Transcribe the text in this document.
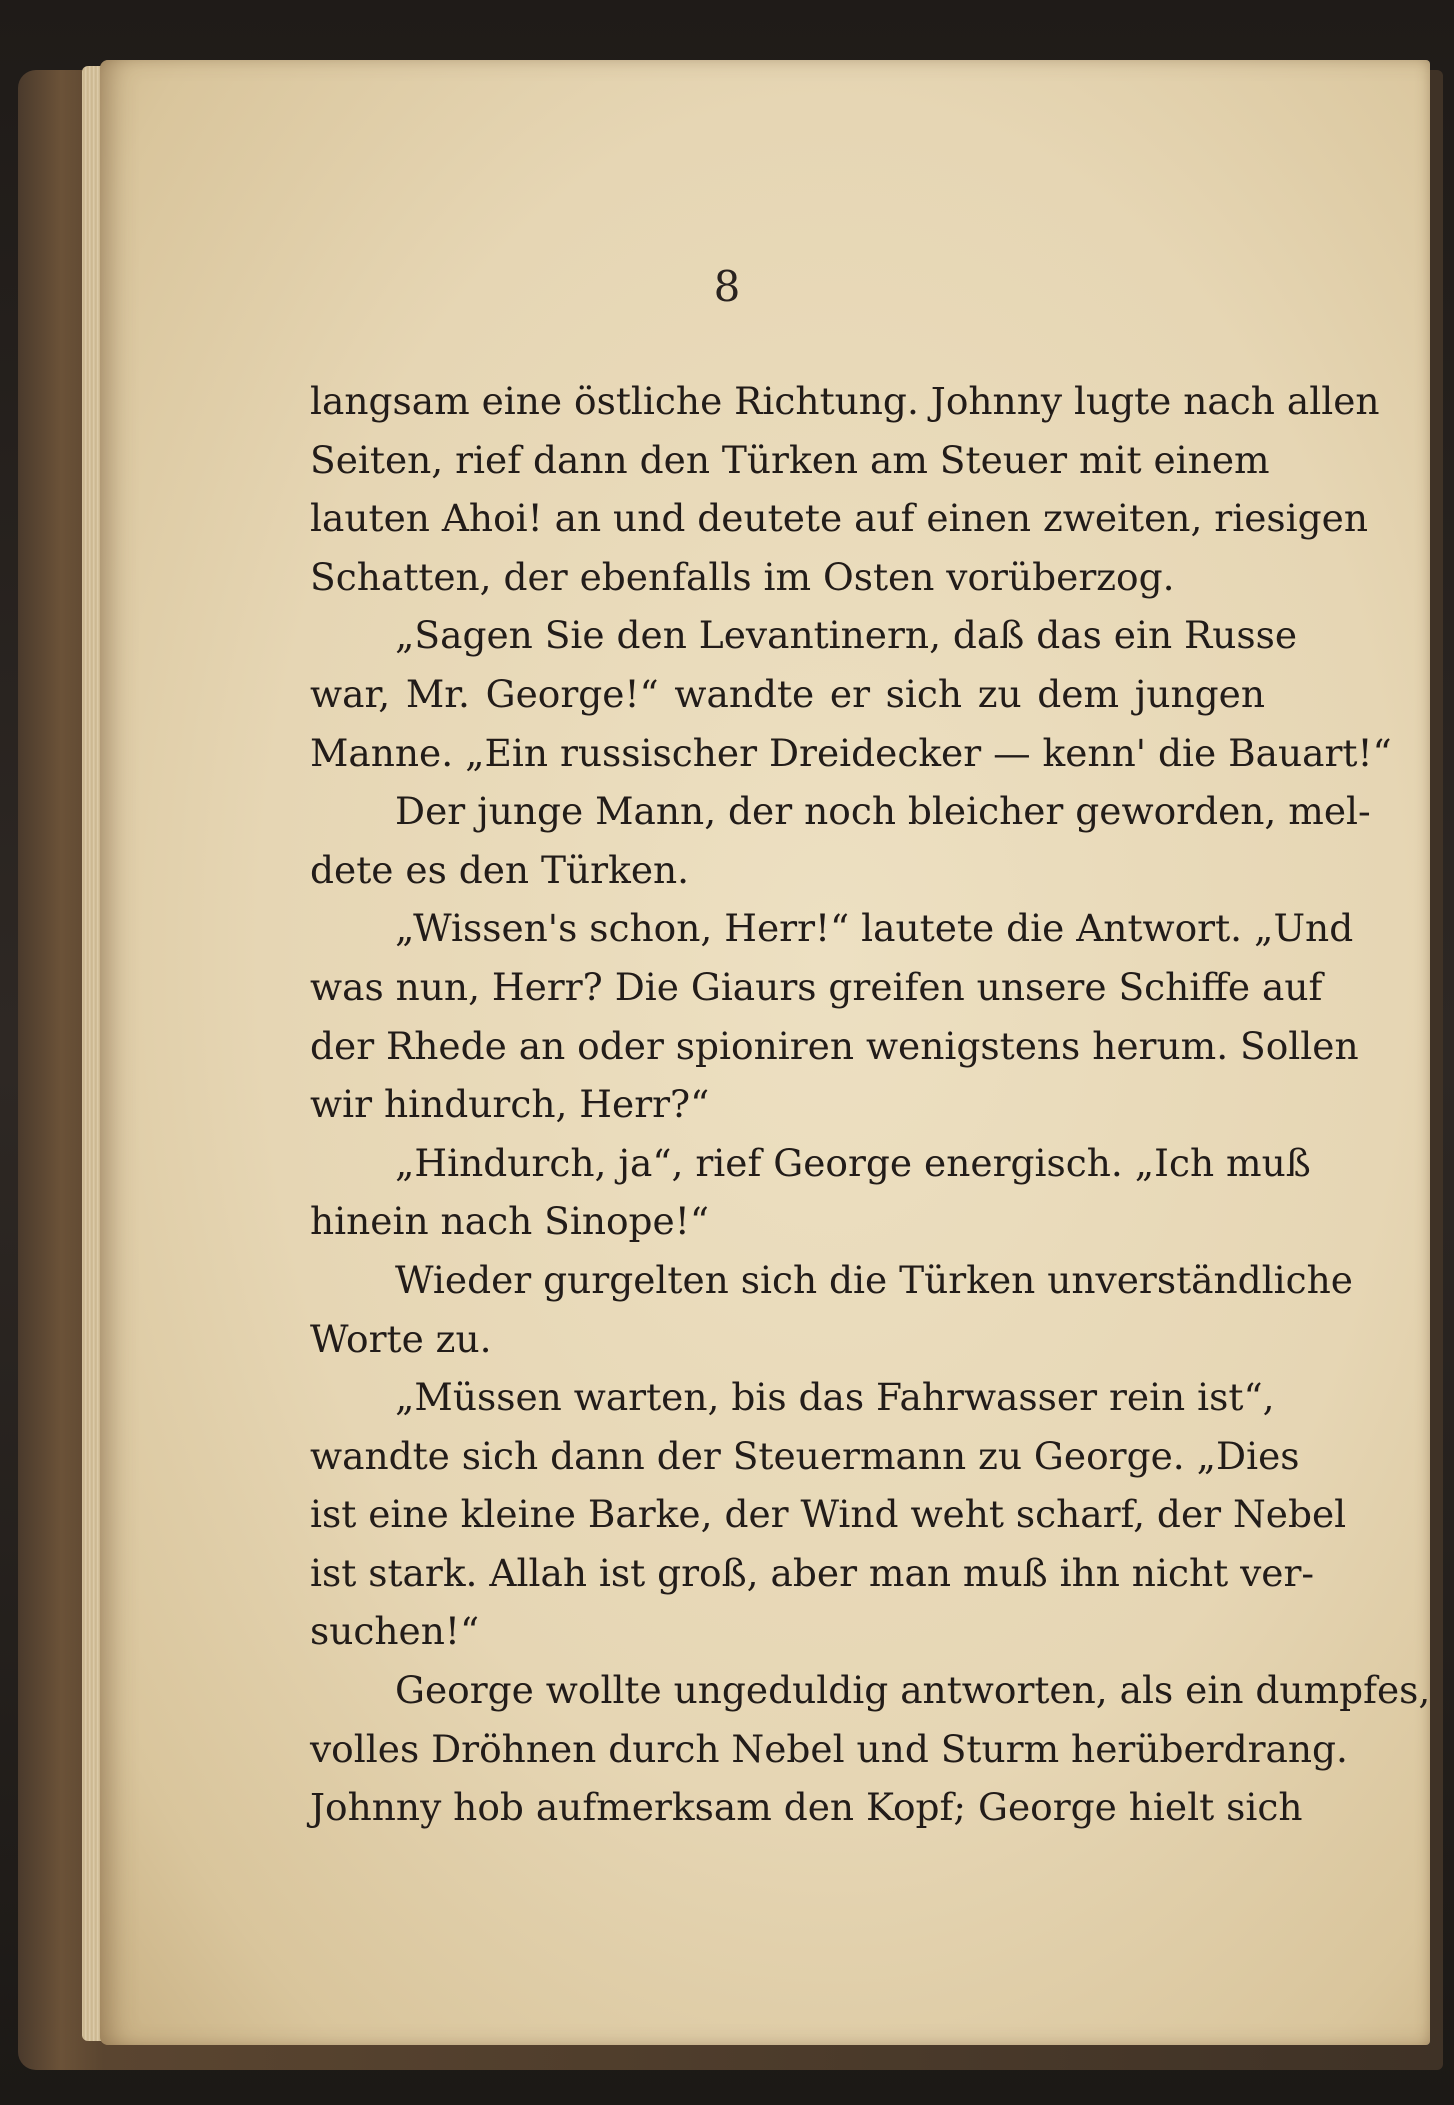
8
langsam eine östliche Richtung. Johnny lugte nach allen
Seiten, rief dann den Türken am Steuer mit einem
lauten Ahoi! an und deutete auf einen zweiten, riesigen
Schatten, der ebenfalls im Osten vorüberzog.
„Sagen Sie den Levantinern, daß das ein Russe
war, Mr. George!“ wandte er sich zu dem jungen
Manne. „Ein russischer Dreidecker — kenn' die Bauart!“
Der junge Mann, der noch bleicher geworden, mel-
dete es den Türken.
„Wissen's schon, Herr!“ lautete die Antwort. „Und
was nun, Herr? Die Giaurs greifen unsere Schiffe auf
der Rhede an oder spioniren wenigstens herum. Sollen
wir hindurch, Herr?“
„Hindurch, ja“, rief George energisch. „Ich muß
hinein nach Sinope!“
Wieder gurgelten sich die Türken unverständliche
Worte zu.
„Müssen warten, bis das Fahrwasser rein ist“,
wandte sich dann der Steuermann zu George. „Dies
ist eine kleine Barke, der Wind weht scharf, der Nebel
ist stark. Allah ist groß, aber man muß ihn nicht ver-
suchen!“
George wollte ungeduldig antworten, als ein dumpfes,
volles Dröhnen durch Nebel und Sturm herüberdrang.
Johnny hob aufmerksam den Kopf; George hielt sich
